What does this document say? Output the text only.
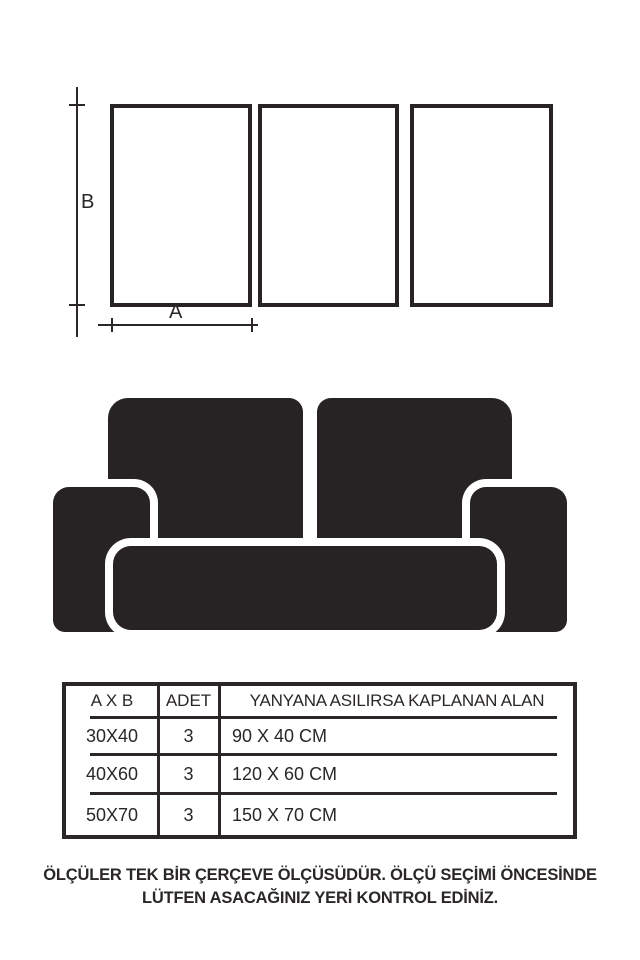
B
A
A X B	ADET	YANYANA ASILIRSA KAPLANAN ALAN
30X40	3	90 X 40 CM
40X60	3	120 X 60 CM
50X70	3	150 X 70 CM
ÖLÇÜLER TEK BİR ÇERÇEVE ÖLÇÜSÜDÜR. ÖLÇÜ SEÇİMİ ÖNCESİNDE
LÜTFEN ASACAĞINIZ YERİ KONTROL EDİNİZ.
